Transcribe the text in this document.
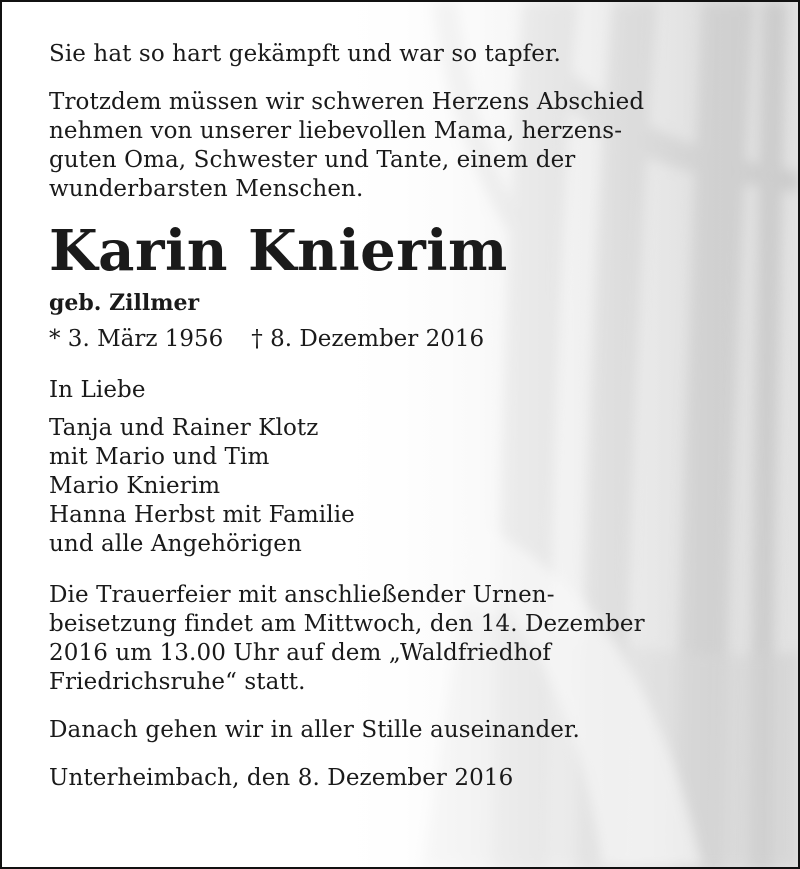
Sie hat so hart gekämpft und war so tapfer.
Trotzdem müssen wir schweren Herzens Abschied
nehmen von unserer liebevollen Mama, herzens-
guten Oma, Schwester und Tante, einem der
wunderbarsten Menschen.
Karin Knierim
geb. Zillmer
* 3. März 1956 † 8. Dezember 2016
In Liebe
Tanja und Rainer Klotz
mit Mario und Tim
Mario Knierim
Hanna Herbst mit Familie
und alle Angehörigen
Die Trauerfeier mit anschließender Urnen-
beisetzung findet am Mittwoch, den 14. Dezember
2016 um 13.00 Uhr auf dem „Waldfriedhof
Friedrichsruhe“ statt.
Danach gehen wir in aller Stille auseinander.
Unterheimbach, den 8. Dezember 2016
